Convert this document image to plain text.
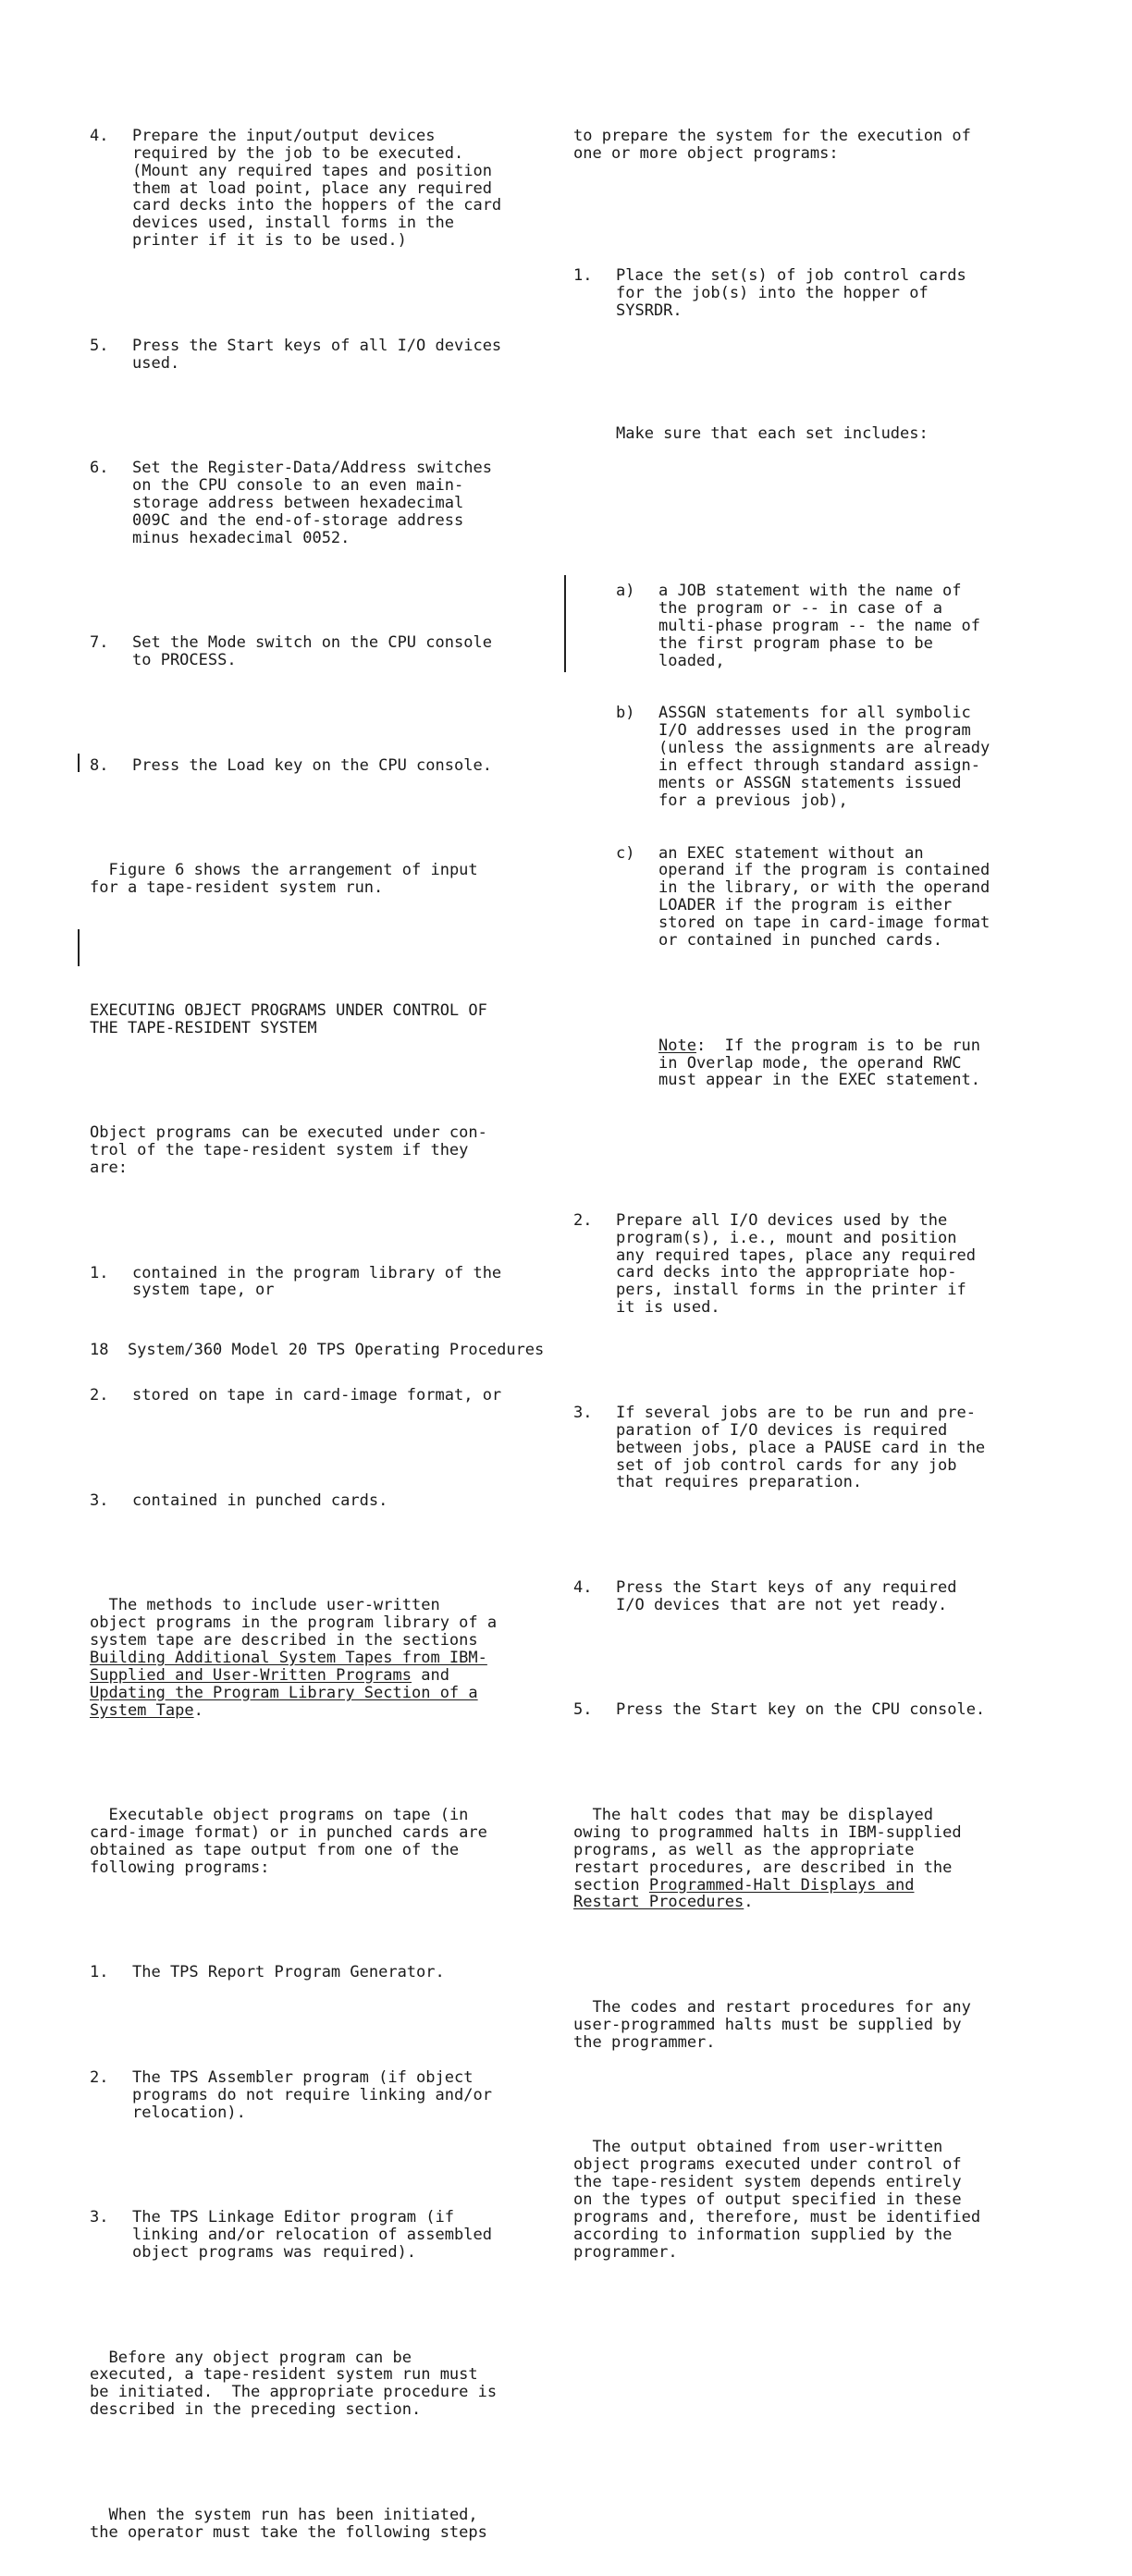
4. Prepare the input/output devices
required by the job to be executed.
(Mount any required tapes and position
them at load point, place any required
card decks into the hoppers of the card
devices used, install forms in the
printer if it is to be used.)

5. Press the Start keys of all I/O devices
used.

6. Set the Register-Data/Address switches
on the CPU console to an even main-
storage address between hexadecimal
009C and the end-of-storage address
minus hexadecimal 0052.

7. Set the Mode switch on the CPU console
to PROCESS.

8. Press the Load key on the CPU console.

Figure 6 shows the arrangement of input
for a tape-resident system run.

EXECUTING OBJECT PROGRAMS UNDER CONTROL OF
THE TAPE-RESIDENT SYSTEM

Object programs can be executed under con-
trol of the tape-resident system if they
are:

1. contained in the program library of the
system tape, or

2. stored on tape in card-image format, or

3. contained in punched cards.

The methods to include user-written
object programs in the program library of a
system tape are described in the sections
Building Additional System Tapes from IBM-
Supplied and User-Written Programs and
Updating the Program Library Section of a
System Tape.

Executable object programs on tape (in
card-image format) or in punched cards are
obtained as tape output from one of the
following programs:

1. The TPS Report Program Generator.

2. The TPS Assembler program (if object
programs do not require linking and/or
relocation).

3. The TPS Linkage Editor program (if
linking and/or relocation of assembled
object programs was required).

Before any object program can be
executed, a tape-resident system run must
be initiated.  The appropriate procedure is
described in the preceding section.

When the system run has been initiated,
the operator must take the following steps

to prepare the system for the execution of
one or more object programs:

1. Place the set(s) of job control cards
for the job(s) into the hopper of
SYSRDR.

Make sure that each set includes:

a) a JOB statement with the name of
the program or -- in case of a
multi-phase program -- the name of
the first program phase to be
loaded,

b) ASSGN statements for all symbolic
I/O addresses used in the program
(unless the assignments are already
in effect through standard assign-
ments or ASSGN statements issued
for a previous job),

c) an EXEC statement without an
operand if the program is contained
in the library, or with the operand
LOADER if the program is either
stored on tape in card-image format
or contained in punched cards.

Note:  If the program is to be run
in Overlap mode, the operand RWC
must appear in the EXEC statement.

2. Prepare all I/O devices used by the
program(s), i.e., mount and position
any required tapes, place any required
card decks into the appropriate hop-
pers, install forms in the printer if
it is used.

3. If several jobs are to be run and pre-
paration of I/O devices is required
between jobs, place a PAUSE card in the
set of job control cards for any job
that requires preparation.

4. Press the Start keys of any required
I/O devices that are not yet ready.

5. Press the Start key on the CPU console.

The halt codes that may be displayed
owing to programmed halts in IBM-supplied
programs, as well as the appropriate
restart procedures, are described in the
section Programmed-Halt Displays and
Restart Procedures.

The codes and restart procedures for any
user-programmed halts must be supplied by
the programmer.

The output obtained from user-written
object programs executed under control of
the tape-resident system depends entirely
on the types of output specified in these
programs and, therefore, must be identified
according to information supplied by the
programmer.

18  System/360 Model 20 TPS Operating Procedures
